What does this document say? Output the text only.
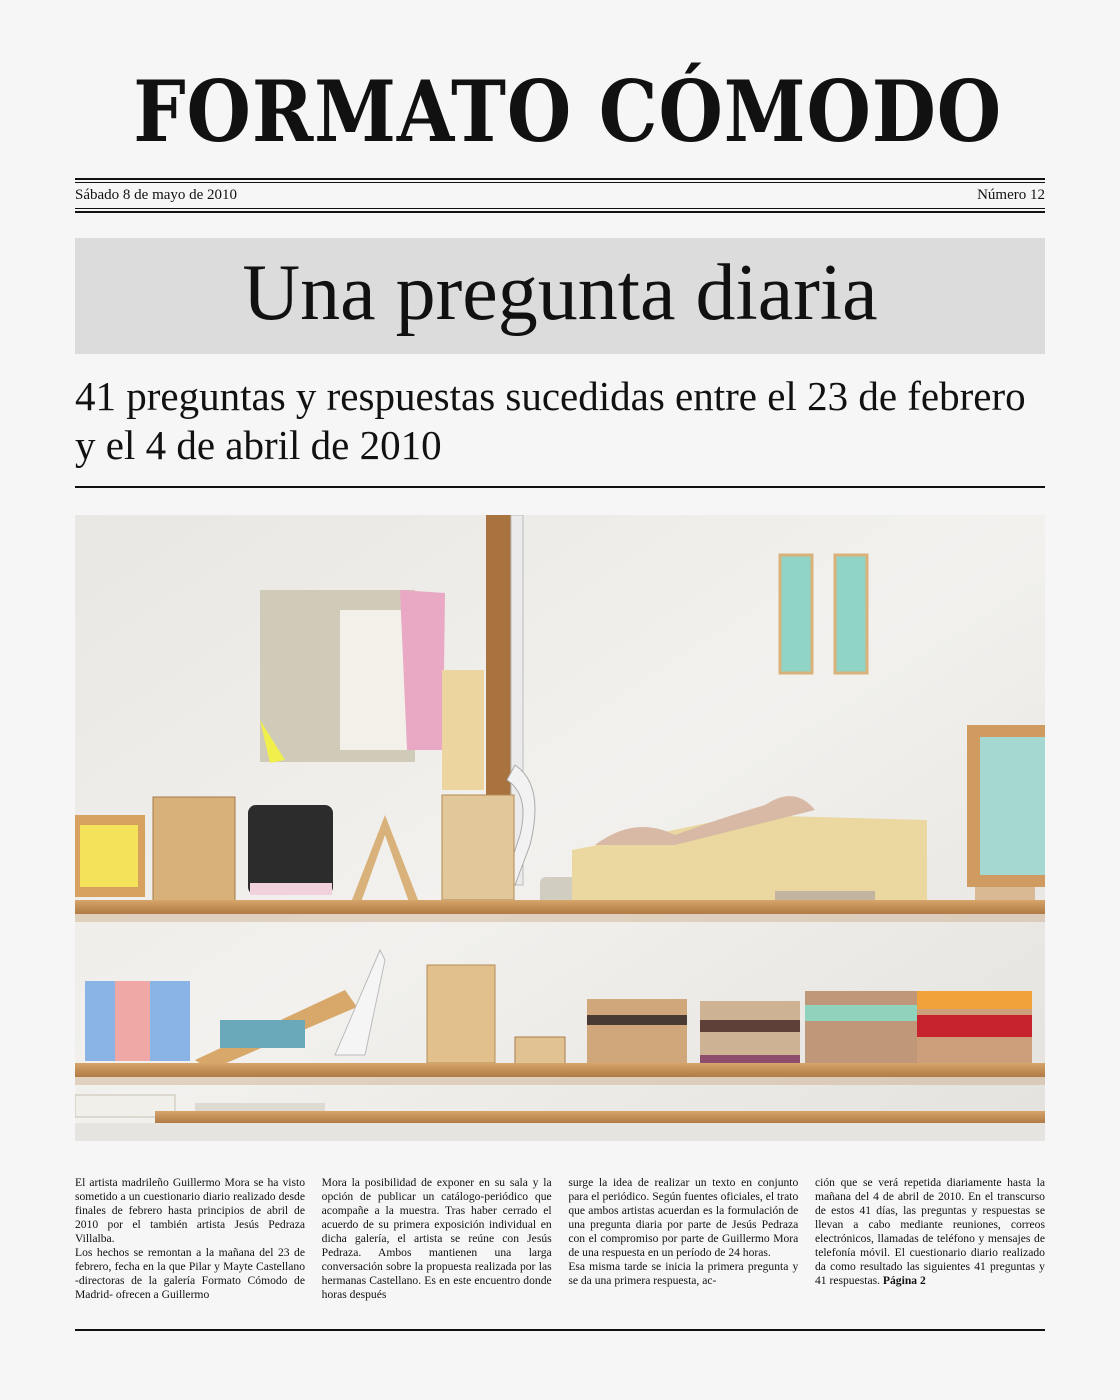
FORMATO CÓMODO
Sábado 8 de mayo de 2010	Número 12
Una pregunta diaria
41 preguntas y respuestas sucedidas entre el 23 de febrero y el 4 de abril de 2010

El artista madrileño Guillermo Mora se ha visto sometido a un cuestionario diario realizado desde finales de febrero hasta principios de abril de 2010 por el también artista Jesús Pedraza Villalba.

Los hechos se remontan a la mañana del 23 de febrero, fecha en la que Pilar y Mayte Castellano -directoras de la galería Formato Cómodo de Madrid- ofrecen a Guillermo

Mora la posibilidad de exponer en su sala y la opción de publicar un catálogo-periódico que acompañe a la muestra. Tras haber cerrado el acuerdo de su primera exposición individual en dicha galería, el artista se reúne con Jesús Pedraza. Ambos mantienen una larga conversación sobre la propuesta realizada por las hermanas Castellano. Es en este encuentro donde horas después

surge la idea de realizar un texto en conjunto para el periódico. Según fuentes oficiales, el trato que ambos artistas acuerdan es la formulación de una pregunta diaria por parte de Jesús Pedraza con el compromiso por parte de Guillermo Mora de una respuesta en un período de 24 horas.

Esa misma tarde se inicia la primera pregunta y se da una primera respuesta, ac-

ción que se verá repetida diariamente hasta la mañana del 4 de abril de 2010. En el transcurso de estos 41 días, las preguntas y respuestas se llevan a cabo mediante reuniones, correos electrónicos, llamadas de teléfono y mensajes de telefonía móvil. El cuestionario diario realizado da como resultado las siguientes 41 preguntas y 41 respuestas. Página 2
